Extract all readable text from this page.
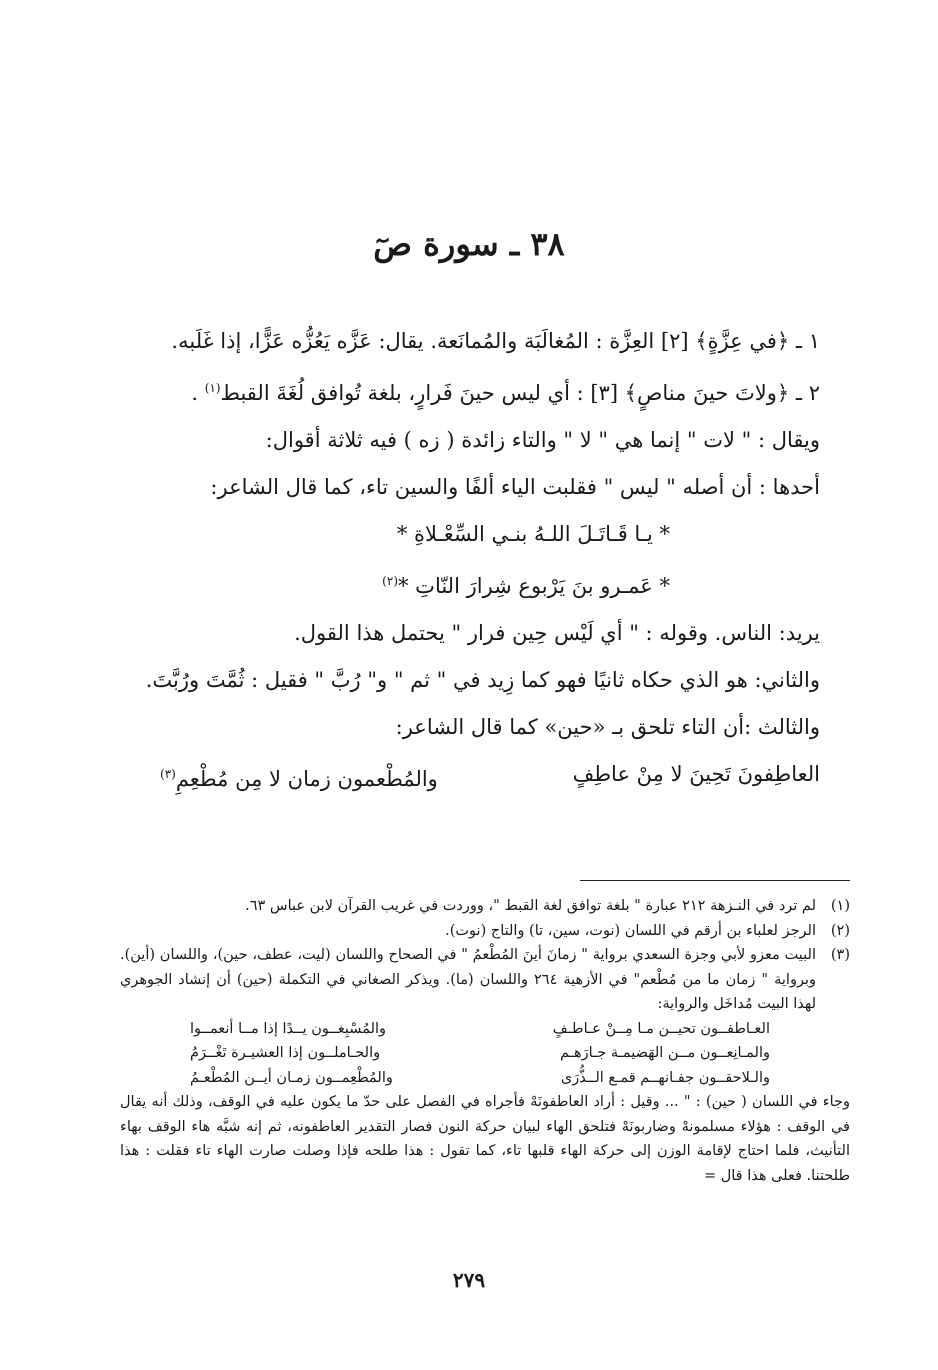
٣٨ ـ سورة صٓ

١ ـ ﴿في عِزَّةٍ﴾ [٢] العِزَّة : المُغالَبَة والمُمانَعة. يقال: عَزَّه يَعُزُّه عَزًّا، إذا غَلَبه.

٢ ـ ﴿ولاتَ حينَ مناصٍ﴾ [٣] : أي ليس حينَ فَرارٍ، بلغة تُوافق لُغَةَ القبط$^{(١)}$ .

ويقال : " لات " إنما هي " لا " والتاء زائدة ( زه ) فيه ثلاثة أقوال:

أحدها : أن أصله " ليس " فقلبت الياء ألفًا والسين تاء، كما قال الشاعر:

* يـا قَـاتَـلَ اللـهُ بنـي السِّعْـلاةِ *

* عَمـرو بنَ يَرْبوع شِرارَ النّاتِ *$^{(٢)}$

يريد: الناس. وقوله : " أي لَيْس حِين فرار " يحتمل هذا القول.

والثاني: هو الذي حكاه ثانيًا فهو كما زِيد في " ثم " و" رُبَّ " فقيل : ثُمَّتَ ورُبَّتَ.

والثالث :أن التاء تلحق بـ «حين» كما قال الشاعر:

العاطِفونَ تَحِينَ لا مِنْ عاطِفٍ
والمُطْعمون زمان لا مِن مُطْعِمِ$^{(٣)}$

(١)
لم ترد في النـزهة ٢١٢ عبارة " بلغة توافق لغة القبط "، ووردت في غريب القرآن لابن عباس ٦٣.
(٢)
الرجز لعلباء بن أرقم في اللسان (نوت، سين، تا) والتاج (نوت).
(٣)
البيت معزو لأبي وجزة السعدي برواية " زمانَ أينَ المُطْعمُ " في الصحاح واللسان (ليت، عطف، حين)، واللسان (أين). وبرواية " زمان ما من مُطْعم" في الأزهية ٢٦٤ واللسان (ما). ويذكر الصغاني في التكملة (حين) أن إنشاد الجوهري لهذا البيت مُداخَل والرواية:
العـاطفــون تحيــن مـا مِــنْ عـاطـفٍ
والمُسْبِغــون يــدًا إذا مــا أنعمــوا
والمـانِعــون مــن الهَضيمـة جـارَهـم
والحـاملــون إذا العشيـرة تَغْــرَمُ
والـلاحقــون جفـانهــم قمـع الــذُّرَى
والمُطْعِمــون زمـان أيــن المُطْعـمُ
وجاء في اللسان ( حين) : " ... وقيل : أراد العاطفونَهْ فأجراه في الفصل على حدّ ما يكون عليه في الوقف، وذلك أنه يقال في الوقف : هؤلاء مسلمونهْ وضاربونَهْ فتلحق الهاء لبيان حركة النون فصار التقدير العاطفونه، ثم إنه شبَّه هاء الوقف بهاء التأنيث، فلما احتاج لإقامة الوزن إلى حركة الهاء قلبها تاء، كما تقول : هذا طلحه فإذا وصلت صارت الهاء تاء فقلت : هذا طلحتنا. فعلى هذا قال =
٢٧٩
